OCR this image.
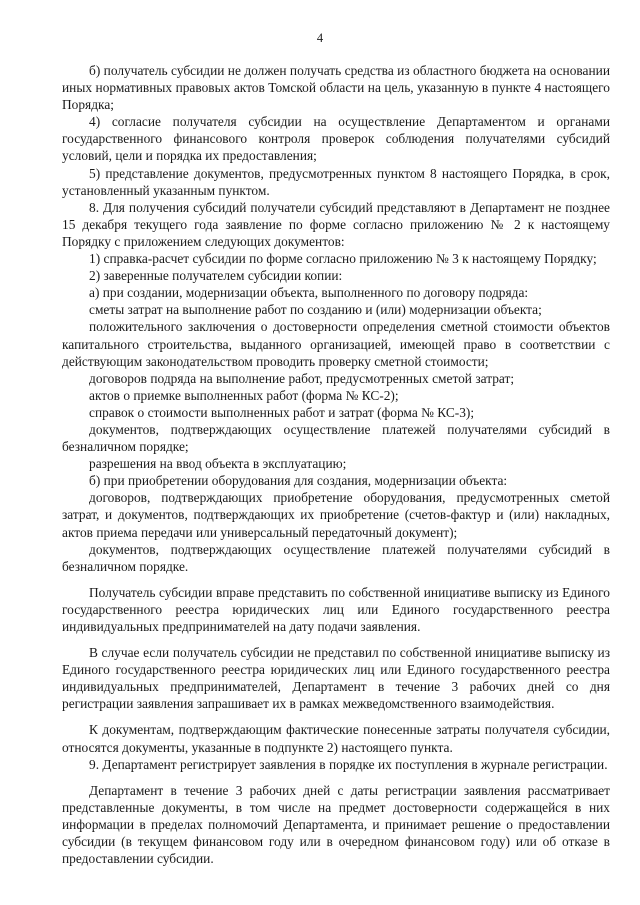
4

б) получатель субсидии не должен получать средства из областного бюджета на основании иных нормативных правовых актов Томской области на цель, указанную в пункте 4 настоящего Порядка;

4) согласие получателя субсидии на осуществление Департаментом и органами государственного финансового контроля проверок соблюдения получателями субсидий условий, цели и порядка их предоставления;

5) представление документов, предусмотренных пунктом 8 настоящего Порядка, в срок, установленный указанным пунктом.

8. Для получения субсидий получатели субсидий представляют в Департамент не позднее 15 декабря текущего года заявление по форме согласно приложению № 2 к настоящему Порядку с приложением следующих документов:

1) справка-расчет субсидии по форме согласно приложению № 3 к настоящему Порядку;

2) заверенные получателем субсидии копии:

а) при создании, модернизации объекта, выполненного по договору подряда:

сметы затрат на выполнение работ по созданию и (или) модернизации объекта;

положительного заключения о достоверности определения сметной стоимости объектов капитального строительства, выданного организацией, имеющей право в соответствии с действующим законодательством проводить проверку сметной стоимости;

договоров подряда на выполнение работ, предусмотренных сметой затрат;

актов о приемке выполненных работ (форма № КС-2);

справок о стоимости выполненных работ и затрат (форма № КС-3);

документов, подтверждающих осуществление платежей получателями субсидий в безналичном порядке;

разрешения на ввод объекта в эксплуатацию;

б) при приобретении оборудования для создания, модернизации объекта:

договоров, подтверждающих приобретение оборудования, предусмотренных сметой затрат, и документов, подтверждающих их приобретение (счетов-фактур и (или) накладных, актов приема передачи или универсальный передаточный документ);

документов, подтверждающих осуществление платежей получателями субсидий в безналичном порядке.

Получатель субсидии вправе представить по собственной инициативе выписку из Единого государственного реестра юридических лиц или Единого государственного реестра индивидуальных предпринимателей на дату подачи заявления.

В случае если получатель субсидии не представил по собственной инициативе выписку из Единого государственного реестра юридических лиц или Единого государственного реестра индивидуальных предпринимателей, Департамент в течение 3 рабочих дней со дня регистрации заявления запрашивает их в рамках межведомственного взаимодействия.

К документам, подтверждающим фактические понесенные затраты получателя субсидии, относятся документы, указанные в подпункте 2) настоящего пункта.

9. Департамент регистрирует заявления в порядке их поступления в журнале регистрации.

Департамент в течение 3 рабочих дней с даты регистрации заявления рассматривает представленные документы, в том числе на предмет достоверности содержащейся в них информации в пределах полномочий Департамента, и принимает решение о предоставлении субсидии (в текущем финансовом году или в очередном финансовом году) или об отказе в предоставлении субсидии.
